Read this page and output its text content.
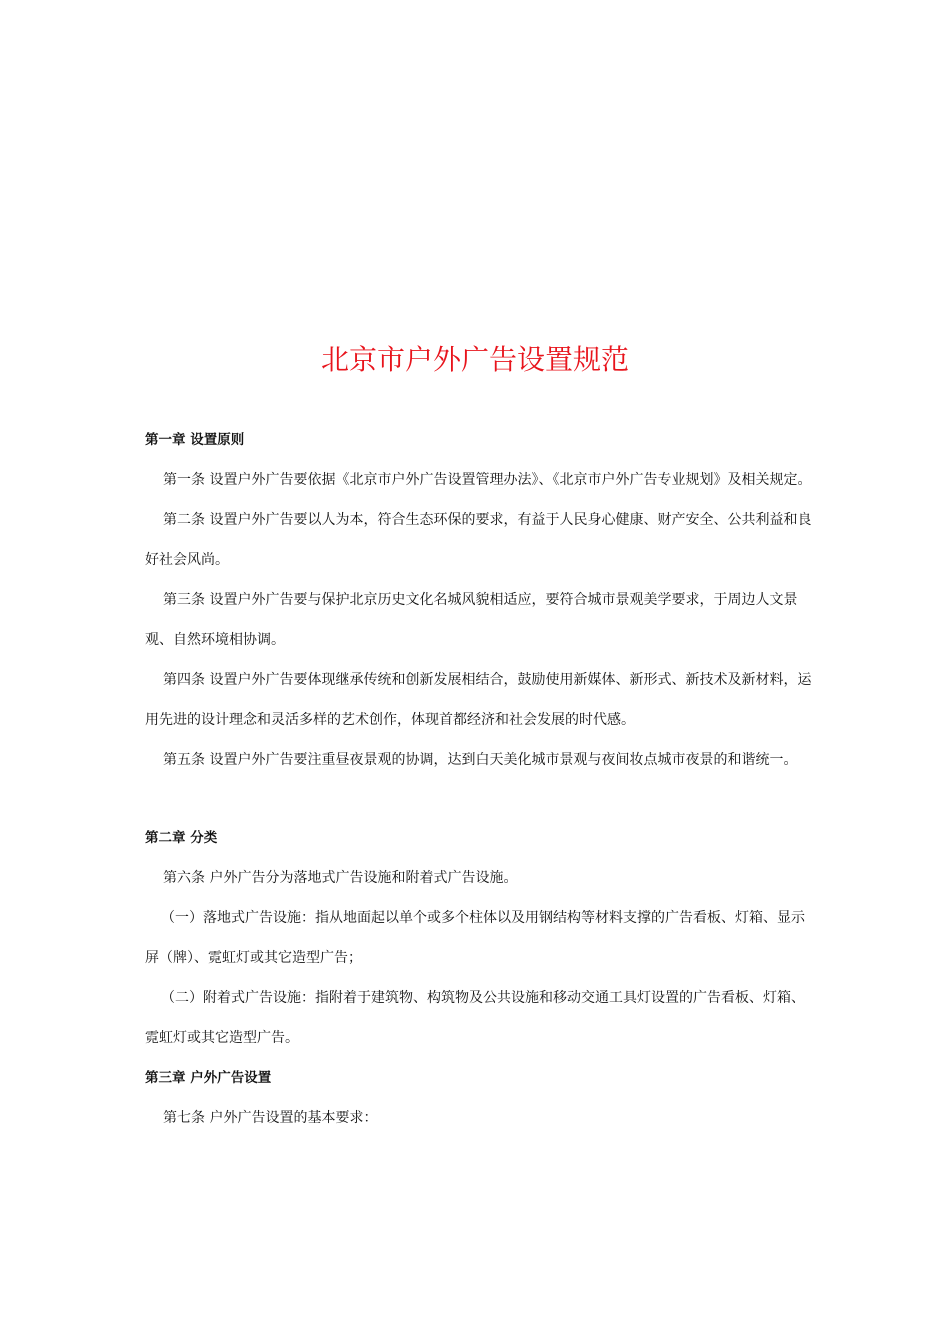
北京市户外广告设置规范

第一章 设置原则

第一条 设置户外广告要依据《北京市户外广告设置管理办法》、《北京市户外广告专业规划》及相关规定。

第二条 设置户外广告要以人为本，符合生态环保的要求，有益于人民身心健康、财产安全、公共利益和良好社会风尚。

第三条 设置户外广告要与保护北京历史文化名城风貌相适应，要符合城市景观美学要求，于周边人文景观、自然环境相协调。

第四条 设置户外广告要体现继承传统和创新发展相结合，鼓励使用新媒体、新形式、新技术及新材料，运用先进的设计理念和灵活多样的艺术创作，体现首都经济和社会发展的时代感。

第五条 设置户外广告要注重昼夜景观的协调，达到白天美化城市景观与夜间妆点城市夜景的和谐统一。

第二章 分类

第六条 户外广告分为落地式广告设施和附着式广告设施。

（一）落地式广告设施：指从地面起以单个或多个柱体以及用钢结构等材料支撑的广告看板、灯箱、显示屏（牌）、霓虹灯或其它造型广告；

（二）附着式广告设施：指附着于建筑物、构筑物及公共设施和移动交通工具灯设置的广告看板、灯箱、霓虹灯或其它造型广告。

第三章 户外广告设置

第七条 户外广告设置的基本要求：
